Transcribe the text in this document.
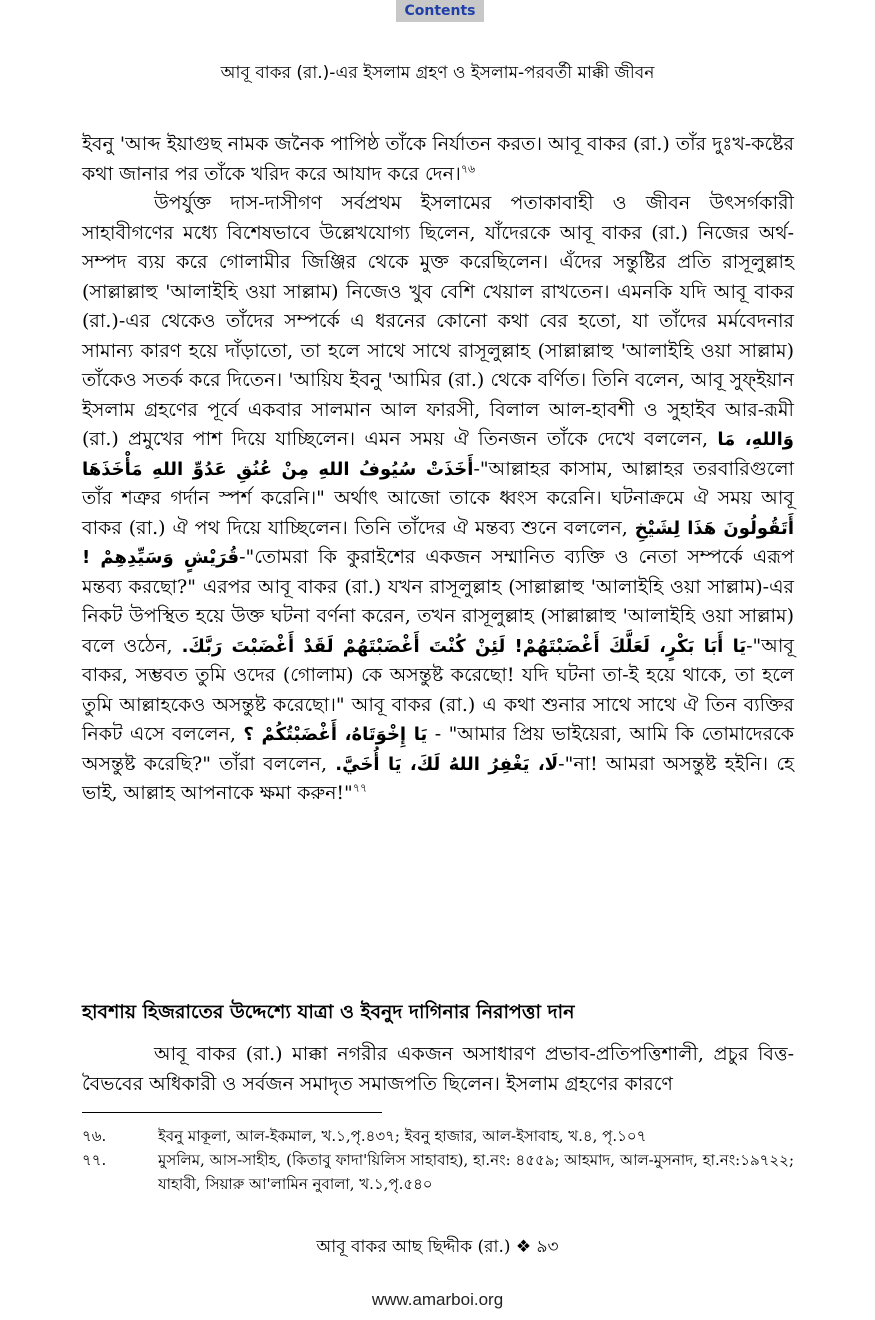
Contents
আবূ বাকর (রা.)-এর ইসলাম গ্রহণ ও ইসলাম-পরবর্তী মাক্কী জীবন

ইবনু 'আব্দ ইয়াগুছ নামক জনৈক পাপিষ্ঠ তাঁকে নির্যাতন করত। আবূ বাকর (রা.) তাঁর দুঃখ-কষ্টের কথা জানার পর তাঁকে খরিদ করে আযাদ করে দেন।$^{৭৬}$

উপর্যুক্ত দাস-দাসীগণ সর্বপ্রথম ইসলামের পতাকাবাহী ও জীবন উৎসর্গকারী সাহাবীগণের মধ্যে বিশেষভাবে উল্লেখযোগ্য ছিলেন, যাঁদেরকে আবূ বাকর (রা.) নিজের অর্থ-সম্পদ ব্যয় করে গোলামীর জিঞ্জির থেকে মুক্ত করেছিলেন। এঁদের সন্তুষ্টির প্রতি রাসূলুল্লাহ (সাল্লাল্লাহু 'আলাইহি ওয়া সাল্লাম) নিজেও খুব বেশি খেয়াল রাখতেন। এমনকি যদি আবূ বাকর (রা.)-এর থেকেও তাঁদের সম্পর্কে এ ধরনের কোনো কথা বের হতো, যা তাঁদের মর্মবেদনার সামান্য কারণ হয়ে দাঁড়াতো, তা হলে সাথে সাথে রাসূলুল্লাহ (সাল্লাল্লাহু 'আলাইহি ওয়া সাল্লাম) তাঁকেও সতর্ক করে দিতেন। 'আয়িয ইবনু 'আমির (রা.) থেকে বর্ণিত। তিনি বলেন, আবূ সুফ্ইয়ান ইসলাম গ্রহণের পূর্বে একবার সালমান আল ফারসী, বিলাল আল-হাবশী ও সুহাইব আর-রূমী (রা.) প্রমুখের পাশ দিয়ে যাচ্ছিলেন। এমন সময় ঐ তিনজন তাঁকে দেখে বললেন, وَاللهِ، مَا أَخَذَتْ سُيُوفُ اللهِ مِنْ عُنُقِ عَدُوِّ اللهِ مَأْخَذَهَا-"আল্লাহর কাসাম, আল্লাহর তরবারিগুলো তাঁর শত্রুর গর্দান স্পর্শ করেনি।" অর্থাৎ আজো তাকে ধ্বংস করেনি। ঘটনাক্রমে ঐ সময় আবূ বাকর (রা.) ঐ পথ দিয়ে যাচ্ছিলেন। তিনি তাঁদের ঐ মন্তব্য শুনে বললেন, أَتَقُولُونَ هَذَا لِشَيْخِ قُرَيْشٍ وَسَيِّدِهِمْ !-"তোমরা কি কুরাইশের একজন সম্মানিত ব্যক্তি ও নেতা সম্পর্কে এরূপ মন্তব্য করছো?" এরপর আবূ বাকর (রা.) যখন রাসূলুল্লাহ (সাল্লাল্লাহু 'আলাইহি ওয়া সাল্লাম)-এর নিকট উপস্থিত হয়ে উক্ত ঘটনা বর্ণনা করেন, তখন রাসূলুল্লাহ (সাল্লাল্লাহু 'আলাইহি ওয়া সাল্লাম) বলে ওঠেন, يَا أَبَا بَكْرٍ، لَعَلَّكَ أَغْضَبْتَهُمْ! لَئِنْ كُنْتَ أَغْضَبْتَهُمْ لَقَدْ أَغْضَبْتَ رَبَّكَ.-"আবূ বাকর, সম্ভবত তুমি ওদের (গোলাম) কে অসন্তুষ্ট করেছো! যদি ঘটনা তা-ই হয়ে থাকে, তা হলে তুমি আল্লাহকেও অসন্তুষ্ট করেছো।" আবূ বাকর (রা.) এ কথা শুনার সাথে সাথে ঐ তিন ব্যক্তির নিকট এসে বললেন, يَا إِخْوَتَاهُ، أَغْضَبْتُكُمْ ؟ - "আমার প্রিয় ভাইয়েরা, আমি কি তোমাদেরকে অসন্তুষ্ট করেছি?" তাঁরা বললেন, لَا، يَغْفِرُ اللهُ لَكَ، يَا أُخَيَّ.-"না! আমরা অসন্তুষ্ট হইনি। হে ভাই, আল্লাহ আপনাকে ক্ষমা করুন!"$^{৭৭}$

হাবশায় হিজরাতের উদ্দেশ্যে যাত্রা ও ইবনুদ দাগিনার নিরাপত্তা দান
আবূ বাকর (রা.) মাক্কা নগরীর একজন অসাধারণ প্রভাব-প্রতিপত্তিশালী, প্রচুর বিত্ত-বৈভবের অধিকারী ও সর্বজন সমাদৃত সমাজপতি ছিলেন। ইসলাম গ্রহণের কারণে
৭৬.	ইবনু মাকূলা, আল-ইকমাল, খ.১,পৃ.৪৩৭; ইবনু হাজার, আল-ইসাবাহ, খ.৪, পৃ.১০৭
৭৭.	মুসলিম, আস-সাহীহ, (কিতাবু ফাদা'য়িলিস সাহাবাহ), হা.নং: ৪৫৫৯; আহমাদ, আল-মুসনাদ, হা.নং:১৯৭২২; যাহাবী, সিয়ারু আ'লামিন নুবালা, খ.১,পৃ.৫৪০
আবূ বাকর আছ ছিদ্দীক (রা.) ❖ ৯৩
www.amarboi.org
